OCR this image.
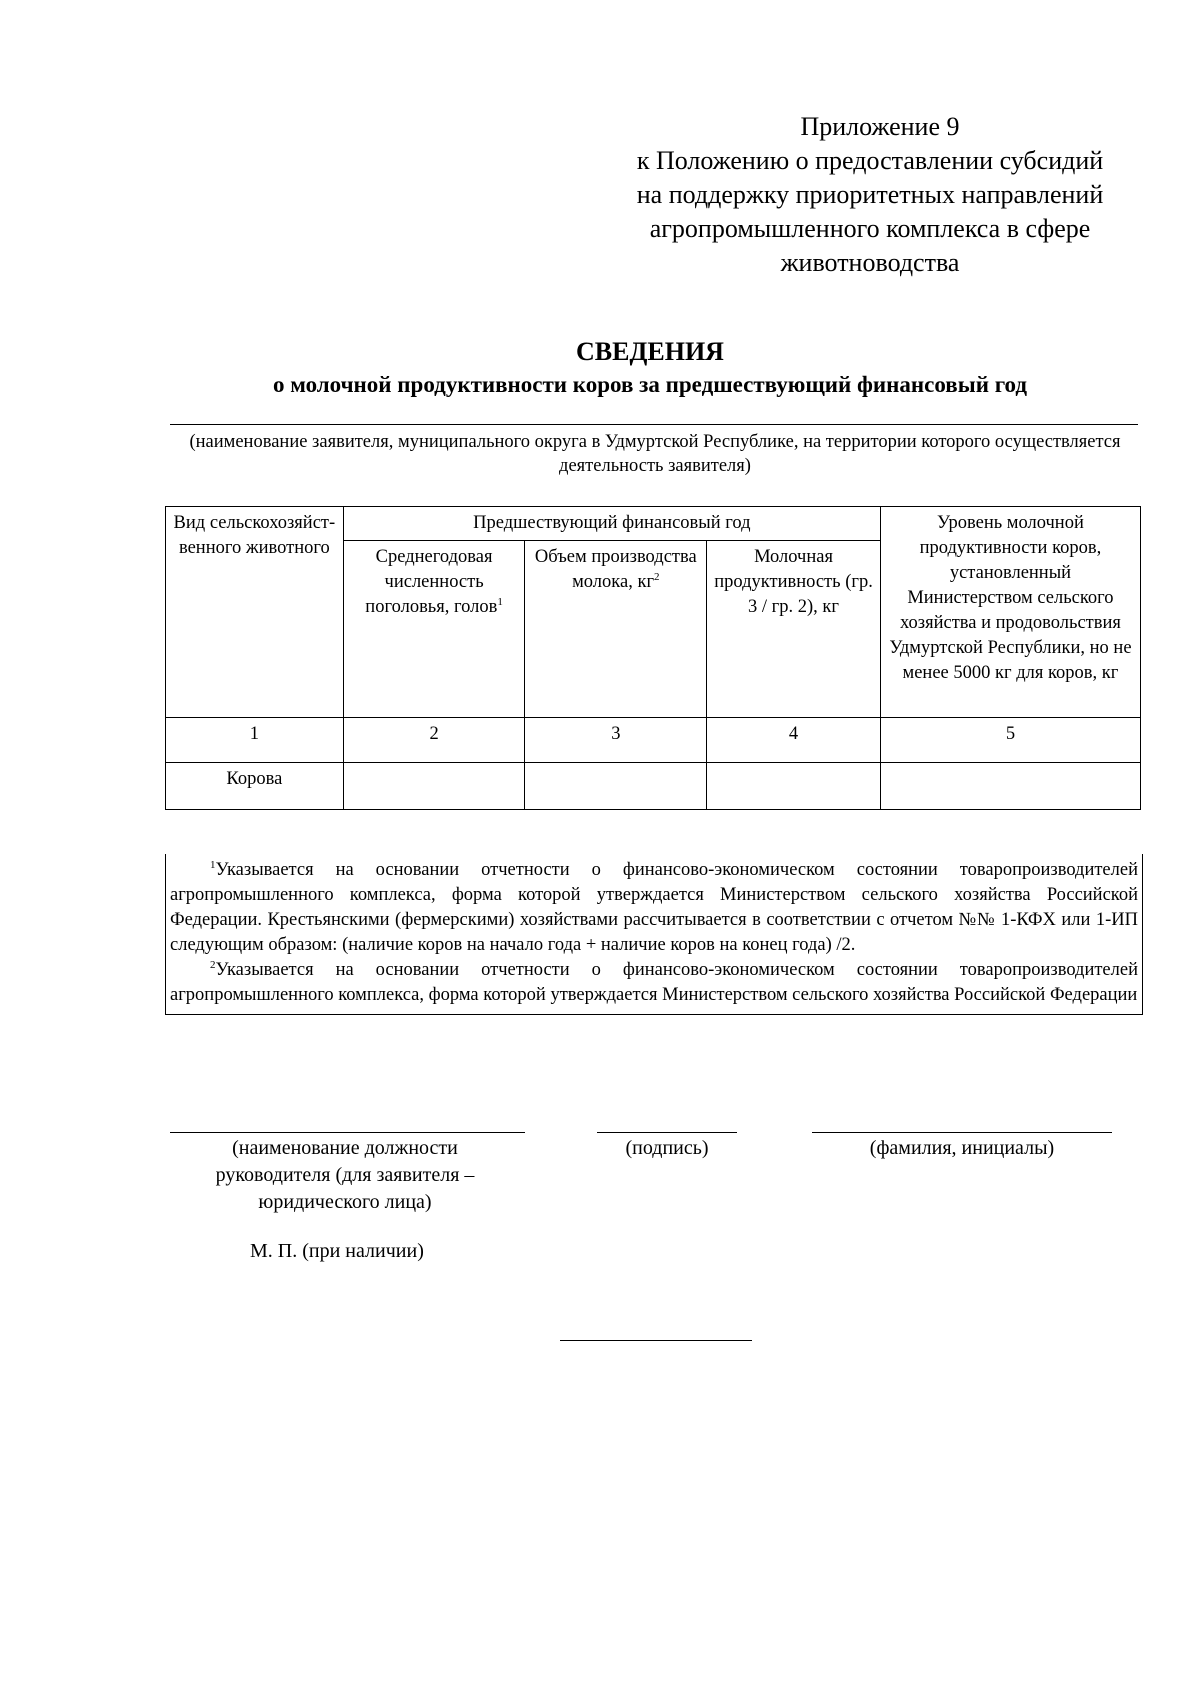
Приложение 9
к Положению о предоставлении субсидий
на поддержку приоритетных направлений
агропромышленного комплекса в сфере
животноводства
СВЕДЕНИЯ
о молочной продуктивности коров за предшествующий финансовый год
(наименование заявителя, муниципального округа в Удмуртской Республике, на территории которого осуществляется деятельность заявителя)
Вид сельскохозяйст-венного животного	Предшествующий финансовый год			Уровень молочной продуктивности коров, установленный Министерством сельского хозяйства и продовольствия Удмуртской Республики, но не менее 5000 кг для коров, кг
	Среднегодовая численность поголовья, голов$^1$	Объем производства молока, $кг^2$	Молочная продуктивность (гр. 3 / гр. 2), кг	
1	2	3	4	5
Корова				

$^1$Указывается на основании отчетности о финансово-экономическом состоянии товаропроизводителей агропромышленного комплекса, форма которой утверждается Министерством сельского хозяйства Российской Федерации. Крестьянскими (фермерскими) хозяйствами рассчитывается в соответствии с отчетом №№ 1-КФХ или 1-ИП следующим образом: (наличие коров на начало года + наличие коров на конец года) /2.

$^2$Указывается на основании отчетности о финансово-экономическом состоянии товаропроизводителей агропромышленного комплекса, форма которой утверждается Министерством сельского хозяйства Российской Федерации

(наименование должности руководителя (для заявителя – юридического лица)
(подпись)	(фамилия, инициалы)
М. П. (при наличии)
